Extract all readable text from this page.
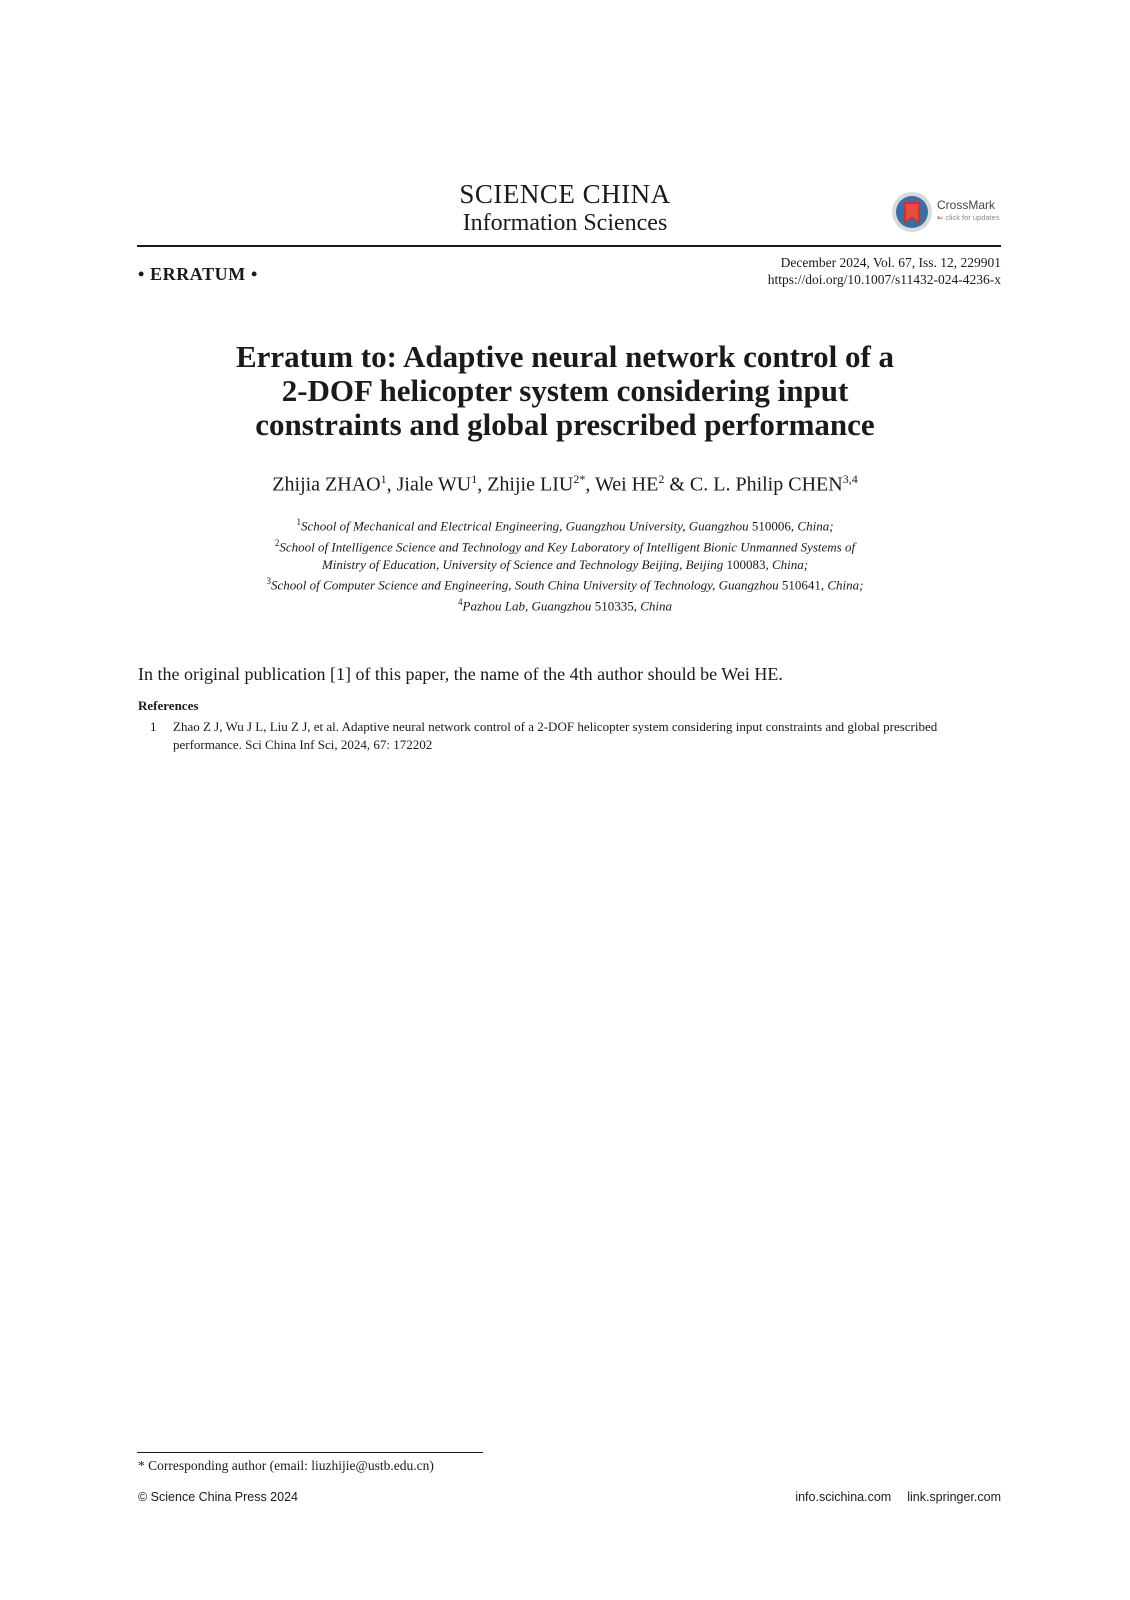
SCIENCE CHINA
Information Sciences
CrossMark
⇐ click for updates
• ERRATUM •
December 2024, Vol. 67, Iss. 12, 229901
https://doi.org/10.1007/s11432-024-4236-x
Erratum to: Adaptive neural network control of a
2-DOF helicopter system considering input
constraints and global prescribed performance
Zhijia ZHAO$^1$, Jiale $WU^1$, Zhijie $LIU^{2*}$, Wei $HE^2$ & C. L. Philip CHEN$^{3,4}$
$^1$School of Mechanical and Electrical Engineering, Guangzhou University, Guangzhou 510006, China;
$^2$School of Intelligence Science and Technology and Key Laboratory of Intelligent Bionic Unmanned Systems of
Ministry of Education, University of Science and Technology Beijing, Beijing 100083, China;
$^3$School of Computer Science and Engineering, South China University of Technology, Guangzhou 510641, China;
$^4$Pazhou Lab, Guangzhou 510335, China
In the original publication [1] of this paper, the name of the 4th author should be Wei HE.
References
1 Zhao Z J, Wu J L, Liu Z J, et al. Adaptive neural network control of a 2-DOF helicopter system considering input constraints and global prescribed performance. Sci China Inf Sci, 2024, 67: 172202
* Corresponding author (email: liuzhijie@ustb.edu.cn)
© Science China Press 2024	info.scichina.com link.springer.com
